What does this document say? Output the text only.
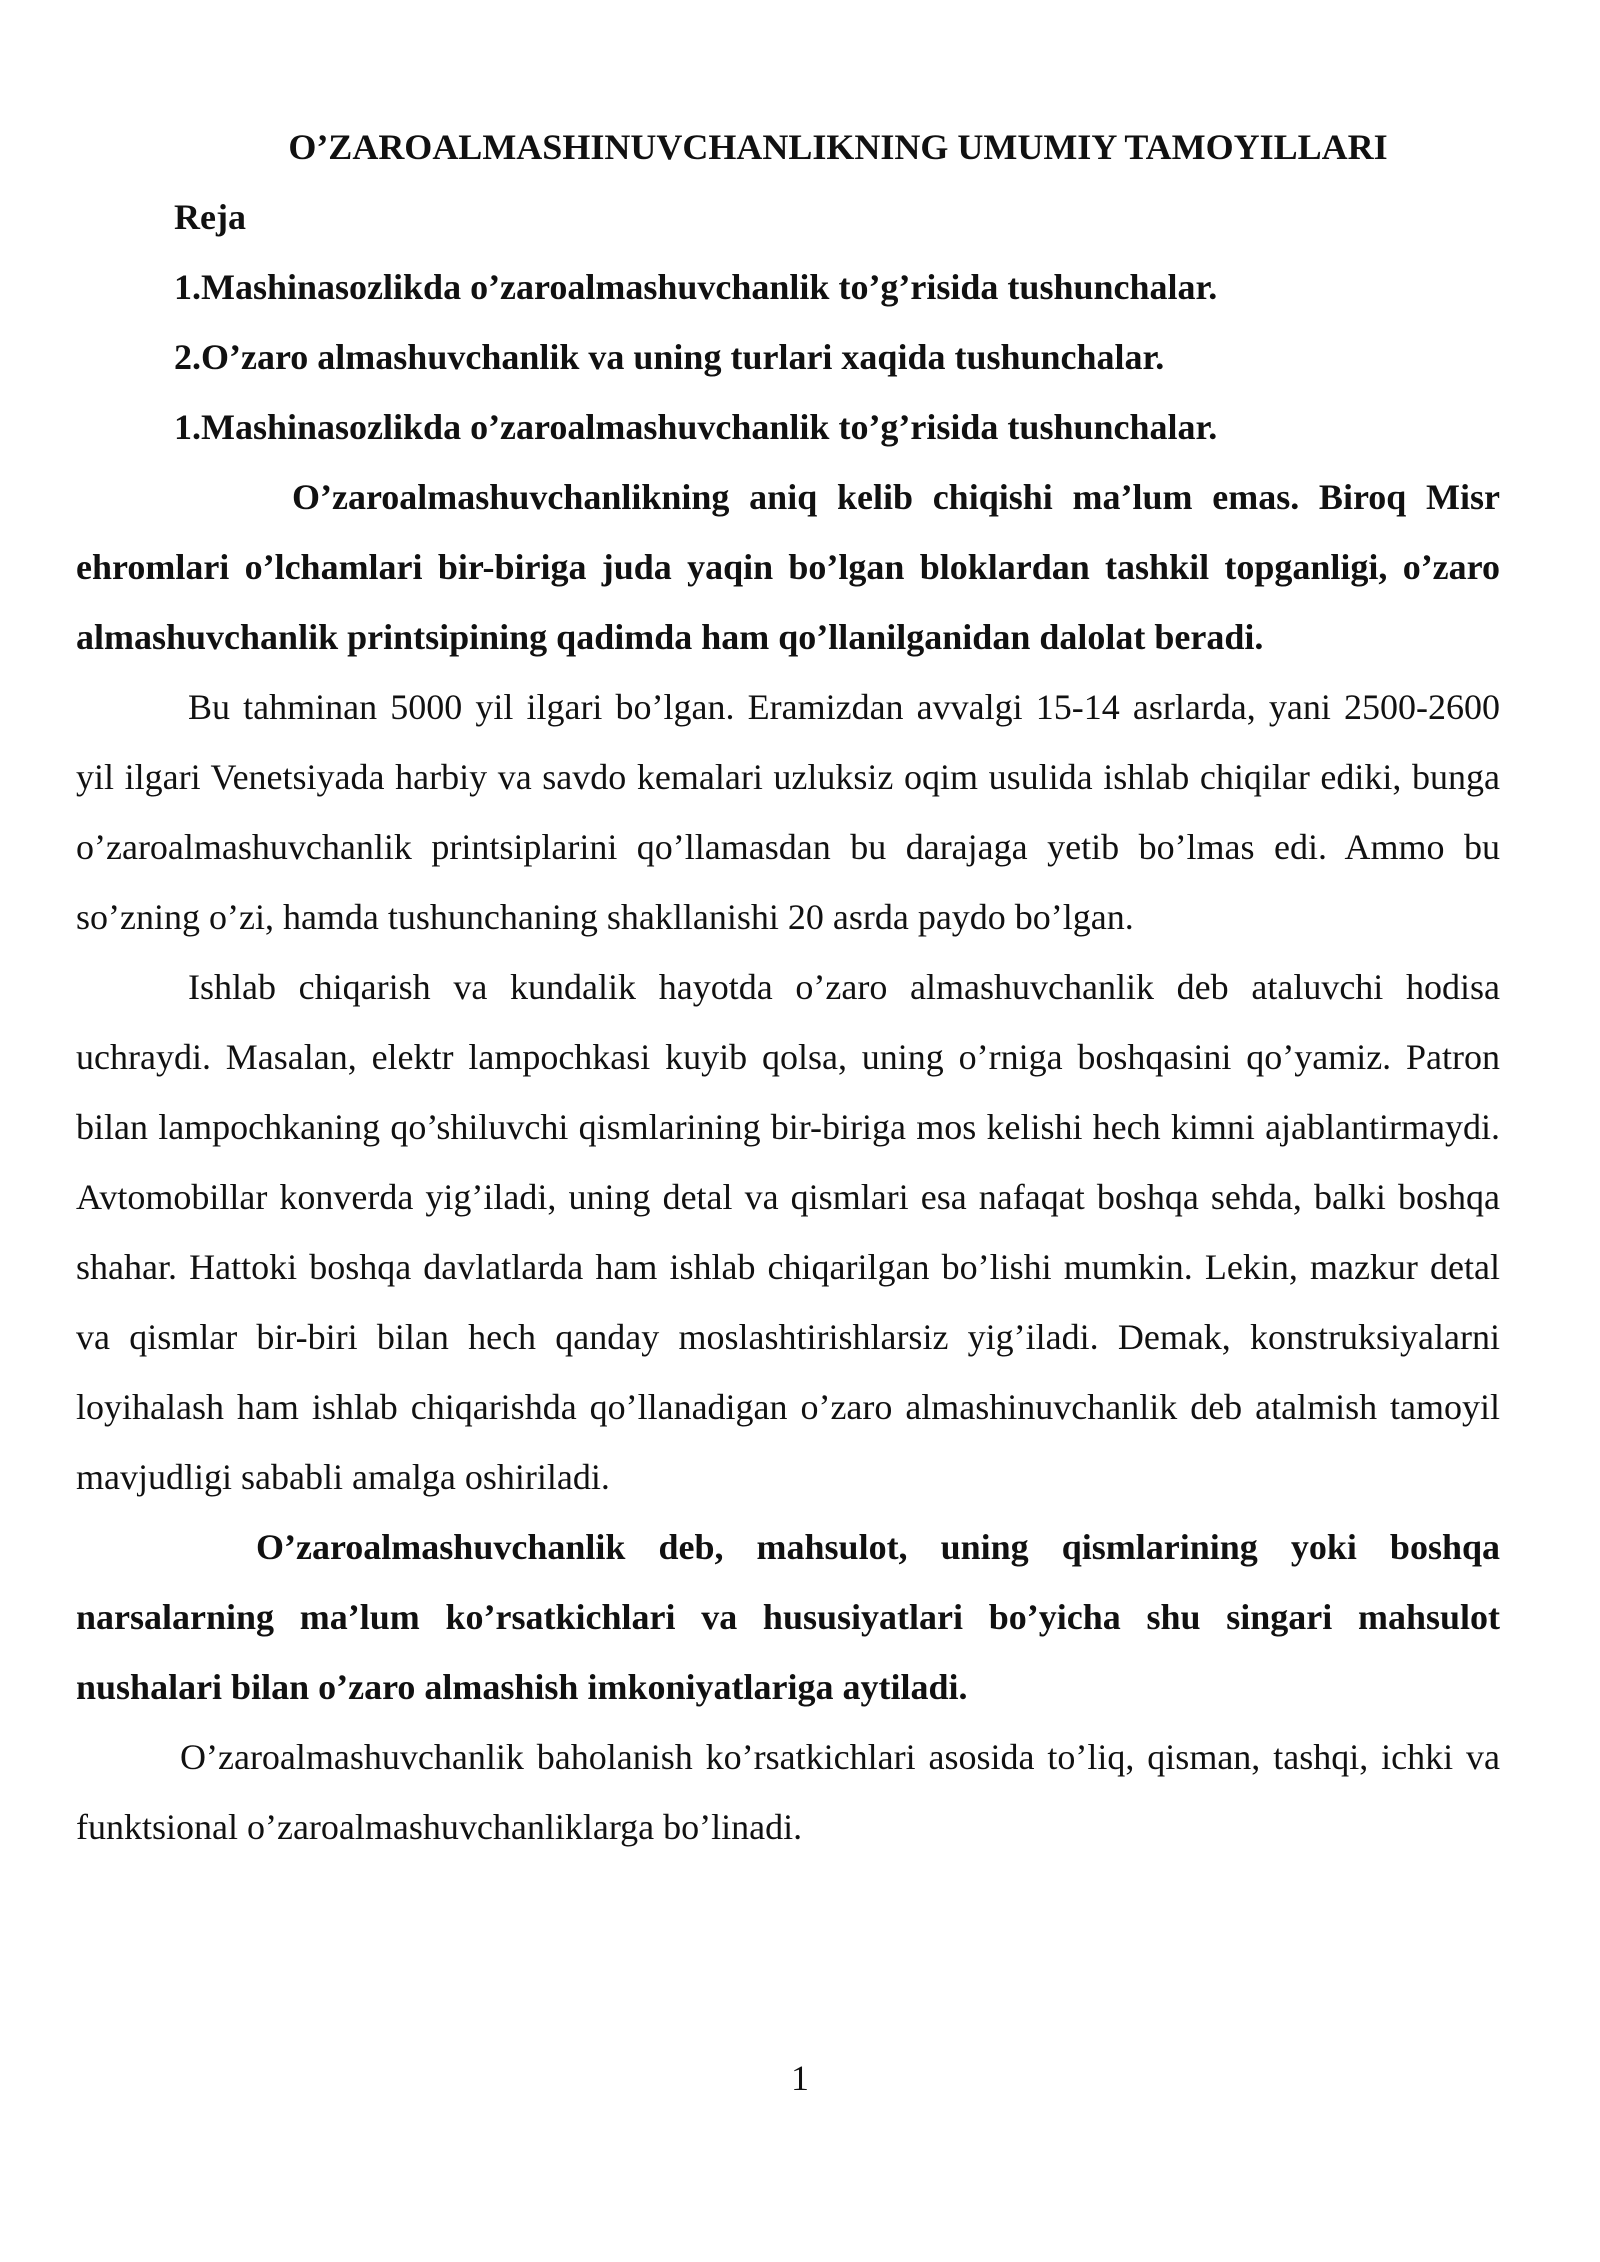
O’ZAROALMASHINUVCHANLIKNING UMUMIY TAMOYILLARI

Reja

1.Mashinasozlikda o’zaroalmashuvchanlik to’g’risida tushunchalar.

2.O’zaro almashuvchanlik va uning turlari xaqida tushunchalar.

1.Mashinasozlikda o’zaroalmashuvchanlik to’g’risida tushunchalar.

O’zaroalmashuvchanlikning aniq kelib chiqishi ma’lum emas. Biroq Misr ehromlari o’lchamlari bir-biriga juda yaqin bo’lgan bloklardan tashkil topganligi, o’zaro almashuvchanlik printsipining qadimda ham qo’llanilganidan dalolat beradi.

Bu tahminan 5000 yil ilgari bo’lgan. Eramizdan avvalgi 15-14 asrlarda, yani 2500-2600 yil ilgari Venetsiyada harbiy va savdo kemalari uzluksiz oqim usulida ishlab chiqilar ediki, bunga o’zaroalmashuvchanlik printsiplarini qo’llamasdan bu darajaga yetib bo’lmas edi. Ammo bu so’zning o’zi, hamda tushunchaning shakllanishi 20 asrda paydo bo’lgan.

Ishlab chiqarish va kundalik hayotda o’zaro almashuvchanlik deb ataluvchi hodisa uchraydi. Masalan, elektr lampochkasi kuyib qolsa, uning o’rniga boshqasini qo’yamiz. Patron bilan lampochkaning qo’shiluvchi qismlarining bir-biriga mos kelishi hech kimni ajablantirmaydi. Avtomobillar konverda yig’iladi, uning detal va qismlari esa nafaqat boshqa sehda, balki boshqa shahar. Hattoki boshqa davlatlarda ham ishlab chiqarilgan bo’lishi mumkin. Lekin, mazkur detal va qismlar bir-biri bilan hech qanday moslashtirishlarsiz yig’iladi. Demak, konstruksiyalarni loyihalash ham ishlab chiqarishda qo’llanadigan o’zaro almashinuvchanlik deb atalmish tamoyil mavjudligi sababli amalga oshiriladi.

O’zaroalmashuvchanlik deb, mahsulot, uning qismlarining yoki boshqa narsalarning ma’lum ko’rsatkichlari va hususiyatlari bo’yicha shu singari mahsulot nushalari bilan o’zaro almashish imkoniyatlariga aytiladi.

O’zaroalmashuvchanlik baholanish ko’rsatkichlari asosida to’liq, qisman, tashqi, ichki va funktsional o’zaroalmashuvchanliklarga bo’linadi.

1
